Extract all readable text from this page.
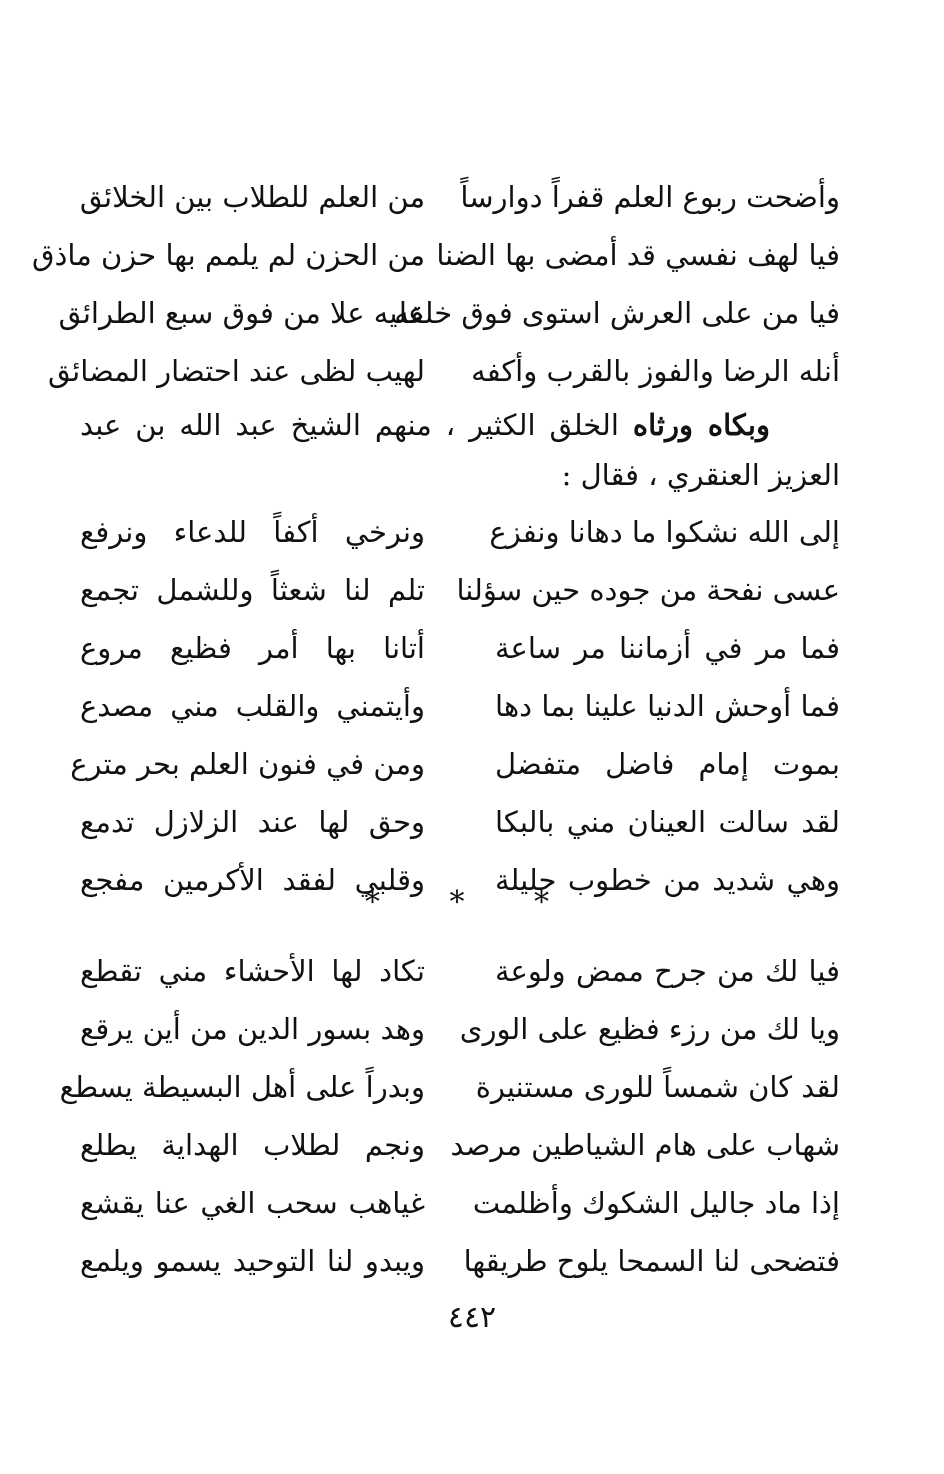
وأضحت ربوع العلم قفراً دوارساً
من العلم للطلاب بين الخلائق
فيا لهف نفسي قد أمضى بها الضنا
من الحزن لم يلمم بها حزن ماذق
فيا من على العرش استوى فوق خلقه
عليه علا من فوق سبع الطرائق
أنله الرضا والفوز بالقرب وأكفه
لهيب لظى عند احتضار المضائق

وبكاه ورثاه الخلق الكثير ، منهم الشيخ عبد الله بن عبد العزيز العنقري ، فقال :

إلى الله نشكوا ما دهانا ونفزع
ونرخي أكفاً للدعاء ونرفع
عسى نفحة من جوده حين سؤلنا
تلم لنا شعثاً وللشمل تجمع
فما مر في أزماننا مر ساعة
أتانا بها أمر فظيع مروع
فما أوحش الدنيا علينا بما دها
وأيتمني والقلب مني مصدع
بموت إمام فاضل متفضل
ومن في فنون العلم بحر مترع
لقد سالت العينان مني بالبكا
وحق لها عند الزلازل تدمع
وهي شديد من خطوب جليلة
وقلبي لفقد الأكرمين مفجع
* * *
فيا لك من جرح ممض ولوعة
تكاد لها الأحشاء مني تقطع
ويا لك من رزء فظيع على الورى
وهد بسور الدين من أين يرقع
لقد كان شمساً للورى مستنيرة
وبدراً على أهل البسيطة يسطع
شهاب على هام الشياطين مرصد
ونجم لطلاب الهداية يطلع
إذا ماد جاليل الشكوك وأظلمت
غياهب سحب الغي عنا يقشع
فتضحى لنا السمحا يلوح طريقها
ويبدو لنا التوحيد يسمو ويلمع
٤٤٢
